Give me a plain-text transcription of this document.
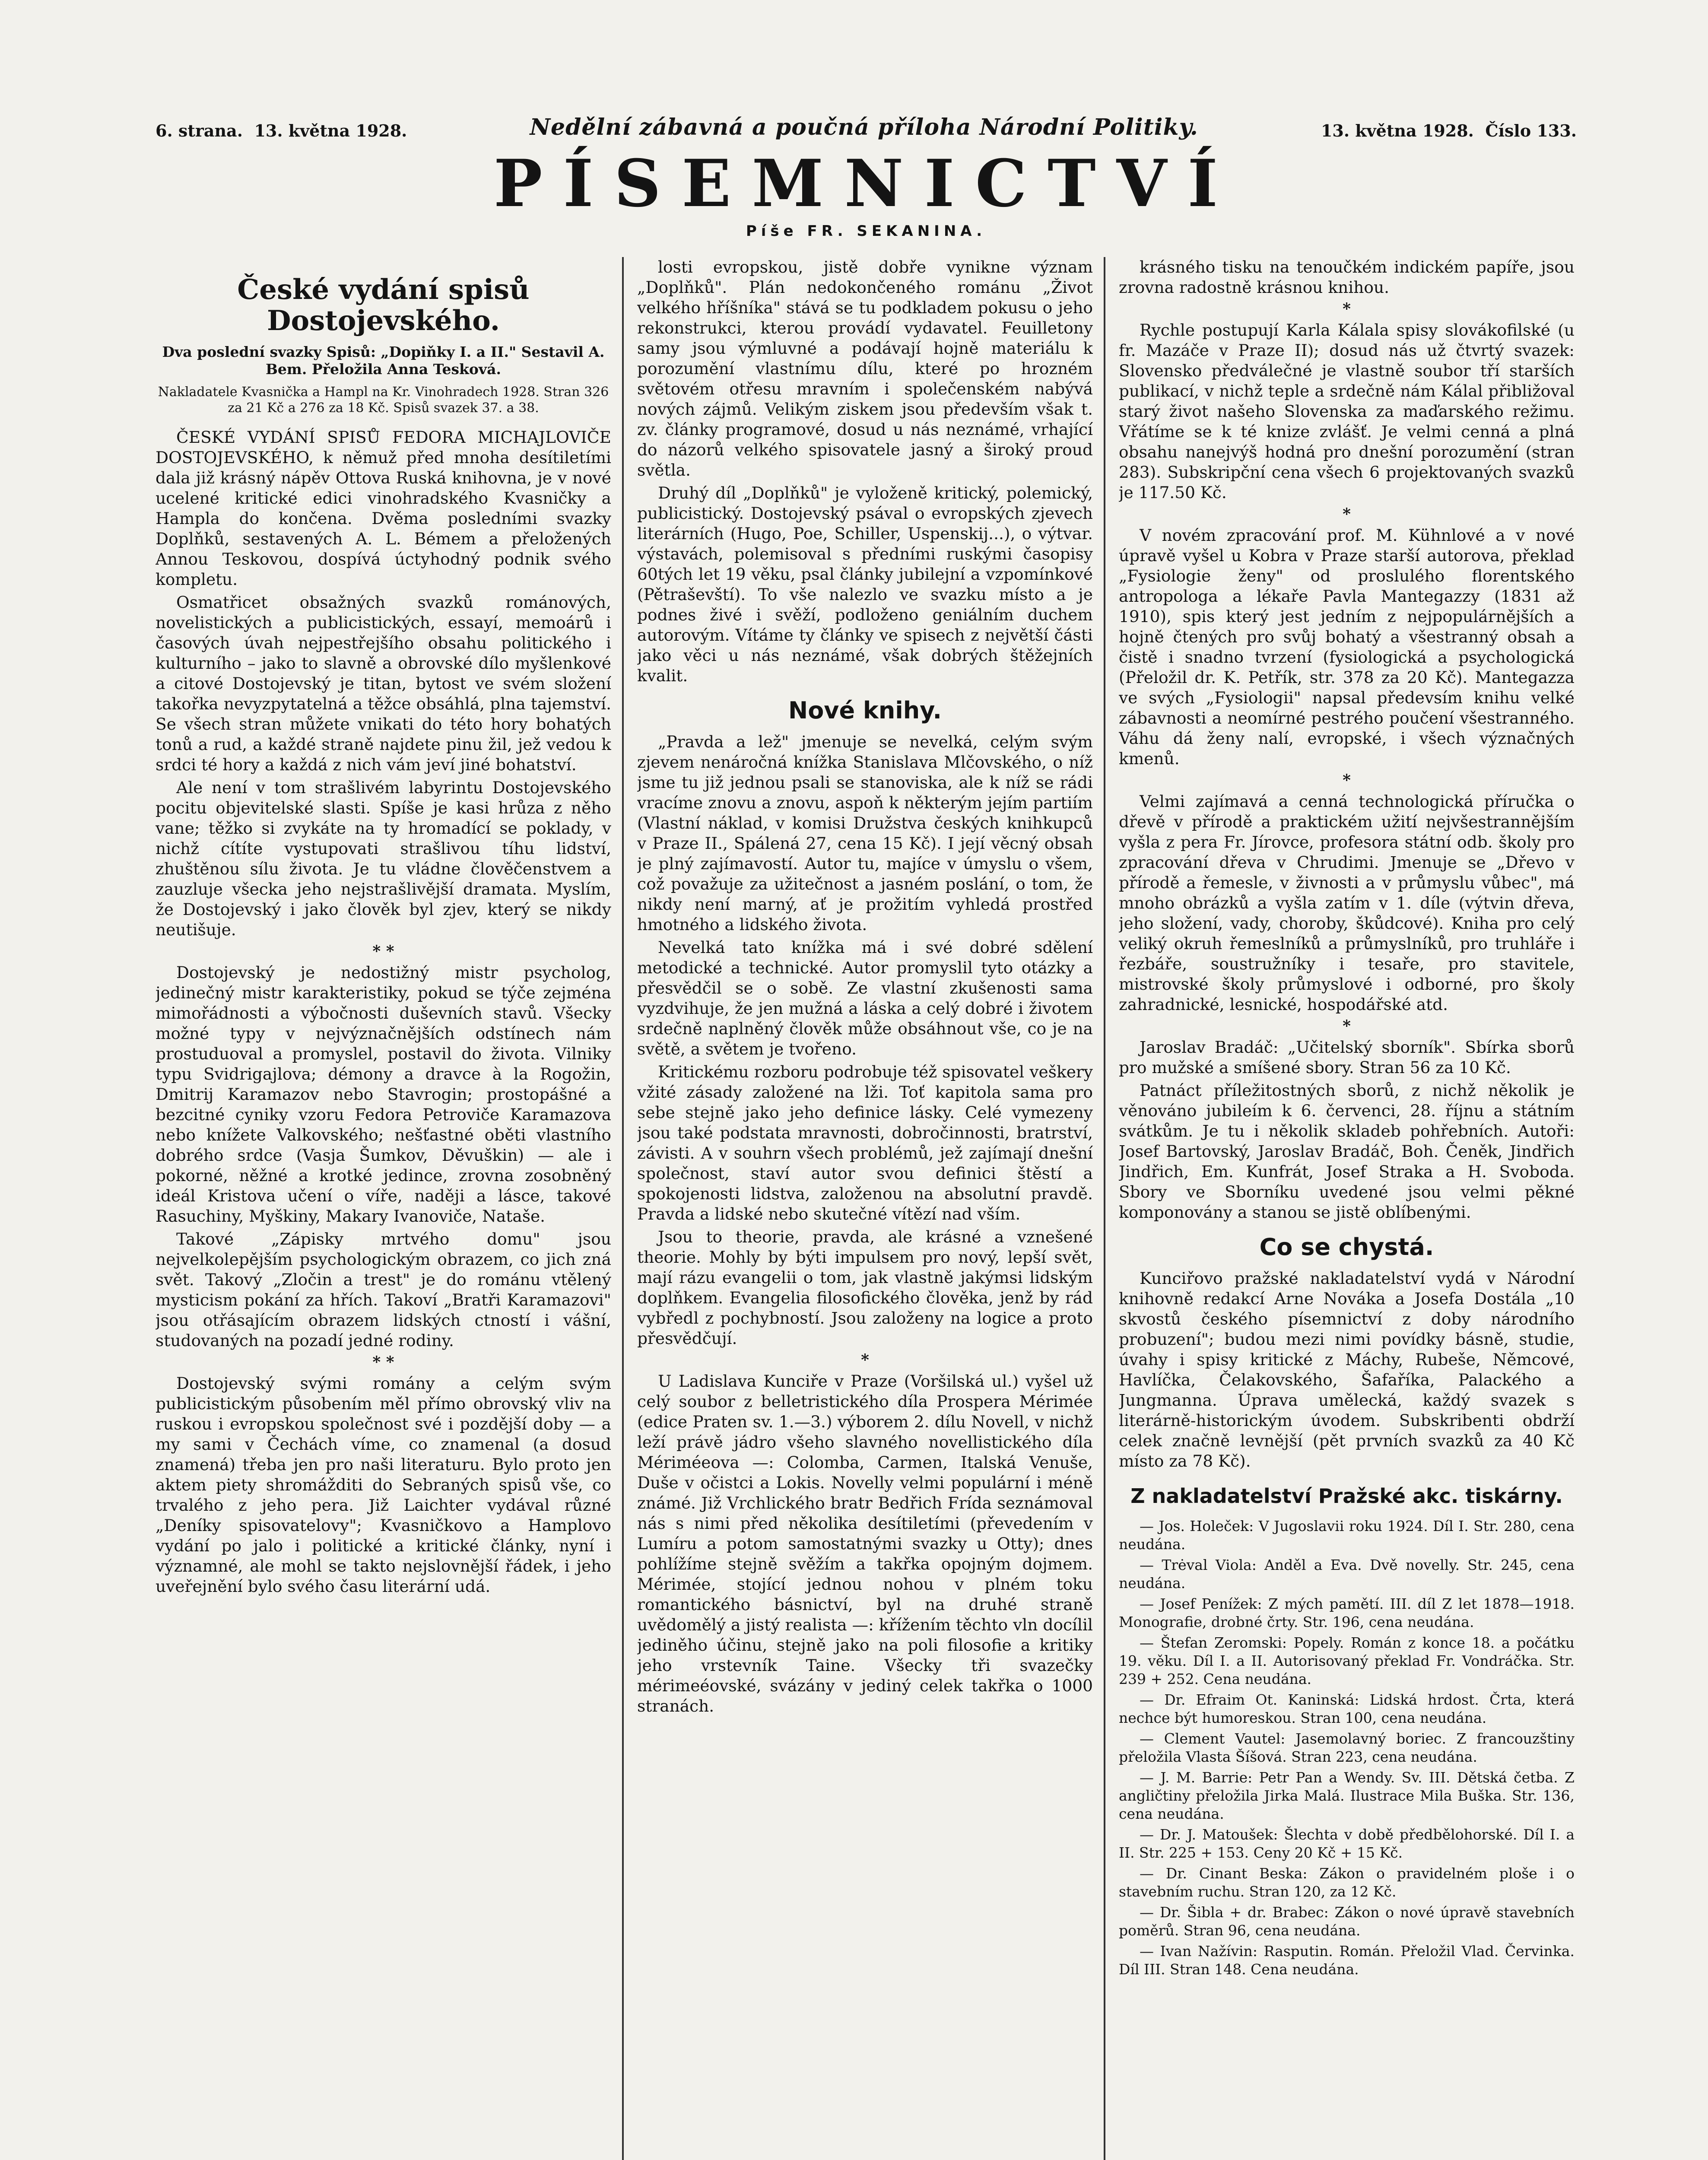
6. strana. 13. května 1928.	Nedělní zábavná a poučná příloha Národní Politiky.	13. května 1928. Číslo 133.
PÍSEMNICTVÍ
Píše FR. SEKANINA.
České vydání spisů Dostojevského.
Dva poslední svazky Spisů: „Dopiňky I. a II." Sestavil A. Bem. Přeložila Anna Tesková.
Nakladatele Kvasnička a Hampl na Kr. Vinohradech 1928. Stran 326 za 21 Kč a 276 za 18 Kč. Spisů svazek 37. a 38.

ČESKÉ VYDÁNÍ SPISŮ FEDORA MICHAJLOVIČE DOSTOJEVSKÉHO, k němuž před mnoha desítiletími dala již krásný nápěv Ottova Ruská knihovna, je v nové ucelené kritické edici vinohradského Kvasničky a Hampla do končena. Dvěma posledními svazky Doplňků, sestavených A. L. Bémem a přeložených Annou Teskovou, dospívá úctyhodný podnik svého kompletu.

Osmatřicet obsažných svazků románových, novelistických a publicistických, essayí, memoárů i časových úvah nejpestřejšího obsahu politického i kulturního – jako to slavně a obrovské dílo myšlenkové a citové Dostojevský je titan, bytost ve svém složení takořka nevyzpytatelná a těžce obsáhlá, plna tajemství. Se všech stran můžete vnikati do této hory bohatých tonů a rud, a každé straně najdete pinu žil, jež vedou k srdci té hory a každá z nich vám jeví jiné bohatství.

Ale není v tom strašlivém labyrintu Dostojevského pocitu objevitelské slasti. Spíše je kasi hrůza z něho vane; těžko si zvykáte na ty hromadící se poklady, v nichž cítíte vystupovati strašlivou tíhu lidství, zhuštěnou sílu života. Je tu vládne člověčenstvem a zauzluje všecka jeho nejstrašlivější dramata. Myslím, že Dostojevský i jako člověk byl zjev, který se nikdy neutišuje.

* *

Dostojevský je nedostižný mistr psycholog, jedinečný mistr karakteristiky, pokud se týče zejména mimořádnosti a výbočnosti duševních stavů. Všecky možné typy v nejvýznačnějších odstínech nám prostuduoval a promyslel, postavil do života. Vilniky typu Svidrigajlova; démony a dravce à la Rogožin, Dmitrij Karamazov nebo Stavrogin; prostopášné a bezcitné cyniky vzoru Fedora Petroviče Karamazova nebo knížete Valkovského; nešťastné oběti vlastního dobrého srdce (Vasja Šumkov, Děvuškin) — ale i pokorné, něžné a krotké jedince, zrovna zosobněný ideál Kristova učení o víře, naději a lásce, takové Rasuchiny, Myškiny, Makary Ivanoviče, Nataše.

Takové „Zápisky mrtvého domu" jsou nejvelkolepějším psychologickým obrazem, co jich zná svět. Takový „Zločin a trest" je do románu vtělený mysticism pokání za hřích. Takoví „Bratři Karamazovi" jsou otřásajícím obrazem lidských ctností i vášní, studovaných na pozadí jedné rodiny.

* *

Dostojevský svými romány a celým svým publicistickým působením měl přímo obrovský vliv na ruskou i evropskou společnost své i pozdější doby — a my sami v Čechách víme, co znamenal (a dosud znamená) třeba jen pro naši literaturu. Bylo proto jen aktem piety shromážditi do Sebraných spisů vše, co trvalého z jeho pera. Již Laichter vydával různé „Deníky spisovatelovy"; Kvasničkovo a Hamplovo vydání po jalo i politické a kritické články, nyní i významné, ale mohl se takto nejslovnější řádek, i jeho uveřejnění bylo svého času literární udá.

losti evropskou, jistě dobře vynikne význam „Doplňků". Plán nedokončeného románu „Život velkého hříšníka" stává se tu podkladem pokusu o jeho rekonstrukci, kterou provádí vydavatel. Feuilletony samy jsou výmluvné a podávají hojně materiálu k porozumění vlastnímu dílu, které po hrozném světovém otřesu mravním i společenském nabývá nových zájmů. Velikým ziskem jsou především však t. zv. články programové, dosud u nás neznámé, vrhající do názorů velkého spisovatele jasný a široký proud světla.

Druhý díl „Doplňků" je vyloženě kritický, polemický, publicistický. Dostojevský psával o evropských zjevech literárních (Hugo, Poe, Schiller, Uspenskij...), o výtvar. výstavách, polemisoval s předními ruskými časopisy 60tých let 19 věku, psal články jubilejní a vzpomínkové (Pětraševští). To vše nalezlo ve svazku místo a je podnes živé i svěží, podloženo geniálním duchem autorovým. Vítáme ty články ve spisech z největší části jako věci u nás neznámé, však dobrých štěžejních kvalit.

Nové knihy.

„Pravda a lež" jmenuje se nevelká, celým svým zjevem nenáročná knížka Stanislava Mlčovského, o níž jsme tu již jednou psali se stanoviska, ale k níž se rádi vracíme znovu a znovu, aspoň k některým jejím partiím (Vlastní náklad, v komisi Družstva českých knihkupců v Praze II., Spálená 27, cena 15 Kč). I její věcný obsah je plný zajímavostí. Autor tu, majíce v úmyslu o všem, což považuje za užitečnost a jasném poslání, o tom, že nikdy není marný, ať je prožitím vyhledá prostřed hmotného a lidského života.

Nevelká tato knížka má i své dobré sdělení metodické a technické. Autor promyslil tyto otázky a přesvědčil se o sobě. Ze vlastní zkušenosti sama vyzdvihuje, že jen mužná a láska a celý dobré i životem srdečně naplněný člověk může obsáhnout vše, co je na světě, a světem je tvořeno.

Kritickému rozboru podrobuje též spisovatel veškery vžité zásady založené na lži. Toť kapitola sama pro sebe stejně jako jeho definice lásky. Celé vymezeny jsou také podstata mravnosti, dobročinnosti, bratrství, závisti. A v souhrn všech problémů, jež zajímají dnešní společnost, staví autor svou definici štěstí a spokojenosti lidstva, založenou na absolutní pravdě. Pravda a lidské nebo skutečné vítězí nad vším.

Jsou to theorie, pravda, ale krásné a vznešené theorie. Mohly by býti impulsem pro nový, lepší svět, mají rázu evangelii o tom, jak vlastně jakýmsi lidským doplňkem. Evangelia filosofického člověka, jenž by rád vybředl z pochybností. Jsou založeny na logice a proto přesvědčují.

*

U Ladislava Kunciře v Praze (Voršilská ul.) vyšel už celý soubor z belletristického díla Prospera Mérimée (edice Praten sv. 1.—3.) výborem 2. dílu Novell, v nichž leží právě jádro všeho slavného novellistického díla Mériméeova —: Colomba, Carmen, Italská Venuše, Duše v očistci a Lokis. Novelly velmi populární i méně známé. Již Vrchlického bratr Bedřich Frída seznámoval nás s nimi před několika desítiletími (převedením v Lumíru a potom samostatnými svazky u Otty); dnes pohlížíme stejně svěžím a takřka opojným dojmem. Mérimée, stojící jednou nohou v plném toku romantického básnictví, byl na druhé straně uvědomělý a jistý realista —: křížením těchto vln docílil jediněho účinu, stejně jako na poli filosofie a kritiky jeho vrstevník Taine. Všecky tři svazečky mérimeéovské, svázány v jediný celek takřka o 1000 stranách.

krásného tisku na tenoučkém indickém papíře, jsou zrovna radostně krásnou knihou.

*

Rychle postupují Karla Kálala spisy slovákofilské (u fr. Mazáče v Praze II); dosud nás už čtvrtý svazek: Slovensko předválečné je vlastně soubor tří starších publikací, v nichž teple a srdečně nám Kálal přibližoval starý život našeho Slovenska za maďarského režimu. Vřátíme se k té knize zvlášť. Je velmi cenná a plná obsahu nanejvýš hodná pro dnešní porozumění (stran 283). Subskripční cena všech 6 projektovaných svazků je 117.50 Kč.

*

V novém zpracování prof. M. Kühnlové a v nové úpravě vyšel u Kobra v Praze starší autorova, překlad „Fysiologie ženy" od proslulého florentského antropologa a lékaře Pavla Mantegazzy (1831 až 1910), spis který jest jedním z nejpopulárnějších a hojně čtených pro svůj bohatý a všestranný obsah a čistě i snadno tvrzení (fysiologická a psychologická (Přeložil dr. K. Petřík, str. 378 za 20 Kč). Mantegazza ve svých „Fysiologii" napsal předevsím knihu velké zábavnosti a neomírné pestrého poučení všestranného. Váhu dá ženy nalí, evropské, i všech význačných kmenů.

*

Velmi zajímavá a cenná technologická příručka o dřevě v přírodě a praktickém užití nejvšestrannějším vyšla z pera Fr. Jírovce, profesora státní odb. školy pro zpracování dřeva v Chrudimi. Jmenuje se „Dřevo v přírodě a řemesle, v živnosti a v průmyslu vůbec", má mnoho obrázků a vyšla zatím v 1. díle (výtvin dřeva, jeho složení, vady, choroby, škůdcové). Kniha pro celý veliký okruh řemeslníků a průmyslníků, pro truhláře i řezbáře, soustružníky i tesaře, pro stavitele, mistrovské školy průmyslové i odborné, pro školy zahradnické, lesnické, hospodářské atd.

*

Jaroslav Bradáč: „Učitelský sborník". Sbírka sborů pro mužské a smíšené sbory. Stran 56 za 10 Kč.

Patnáct příležitostných sborů, z nichž několik je věnováno jubileím k 6. červenci, 28. říjnu a státním svátkům. Je tu i několik skladeb pohřebních. Autoři: Josef Bartovský, Jaroslav Bradáč, Boh. Čeněk, Jindřich Jindřich, Em. Kunfrát, Josef Straka a H. Svoboda. Sbory ve Sborníku uvedené jsou velmi pěkné komponovány a stanou se jistě oblíbenými.

Co se chystá.

Kunciřovo pražské nakladatelství vydá v Národní knihovně redakcí Arne Nováka a Josefa Dostála „10 skvostů českého písemnictví z doby národního probuzení"; budou mezi nimi povídky básně, studie, úvahy i spisy kritické z Máchy, Rubeše, Němcové, Havlíčka, Čelakovského, Šafaříka, Palackého a Jungmanna. Úprava umělecká, každý svazek s literárně-historickým úvodem. Subskribenti obdrží celek značně levnější (pět prvních svazků za 40 Kč místo za 78 Kč).

Z nakladatelství Pražské akc. tiskárny.

— Jos. Holeček: V Jugoslavii roku 1924. Díl I. Str. 280, cena neudána.

— Trėval Viola: Anděl a Eva. Dvě novelly. Str. 245, cena neudána.

— Josef Penížek: Z mých pamětí. III. díl Z let 1878—1918. Monografie, drobné črty. Str. 196, cena neudána.

— Štefan Zeromski: Popely. Román z konce 18. a počátku 19. věku. Díl I. a II. Autorisovaný překlad Fr. Vondráčka. Str. 239 + 252. Cena neudána.

— Dr. Efraim Ot. Kaninská: Lidská hrdost. Črta, která nechce být humoreskou. Stran 100, cena neudána.

— Clement Vautel: Jasemolavný boriec. Z francouzštiny přeložila Vlasta Šíšová. Stran 223, cena neudána.

— J. M. Barrie: Petr Pan a Wendy. Sv. III. Dětská četba. Z angličtiny přeložila Jirka Malá. Ilustrace Mila Buška. Str. 136, cena neudána.

— Dr. J. Matoušek: Šlechta v době předbělohorské. Díl I. a II. Str. 225 + 153. Ceny 20 Kč + 15 Kč.

— Dr. Cinant Beska: Zákon o pravidelném ploše i o stavebním ruchu. Stran 120, za 12 Kč.

— Dr. Šibla + dr. Brabec: Zákon o nové úpravě stavebních poměrů. Stran 96, cena neudána.

— Ivan Nažívin: Rasputin. Román. Přeložil Vlad. Červinka. Díl III. Stran 148. Cena neudána.
